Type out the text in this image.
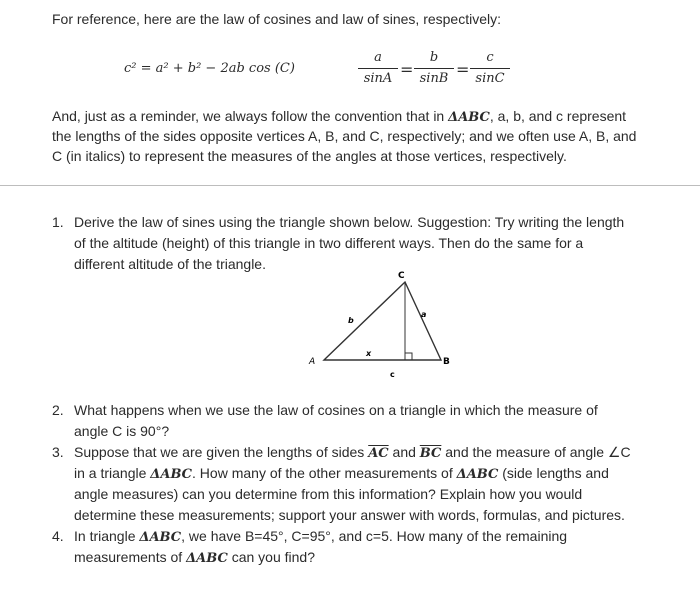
For reference, here are the law of cosines and law of sines, respectively:
c² = a² + b² − 2ab cos (C)
a
sinA =
b
sinB =
c
sinC
And, just as a reminder, we always follow the convention that in ΔABC, a, b, and c represent
the lengths of the sides opposite vertices A, B, and C, respectively; and we often use A, B, and
C (in italics) to represent the measures of the angles at those vertices, respectively.
1. Derive the law of sines using the triangle shown below. Suggestion: Try writing the length
of the altitude (height) of this triangle in two different ways. Then do the same for a
different altitude of the triangle.
C
A	B
b
a
x
c
2. What happens when we use the law of cosines on a triangle in which the measure of
angle C is 90°?
3. Suppose that we are given the lengths of sides $\overline{AC}$ and $\overline{BC}$ and the measure of angle ∠C
in a triangle ΔABC. How many of the other measurements of ΔABC (side lengths and
angle measures) can you determine from this information? Explain how you would
determine these measurements; support your answer with words, formulas, and pictures.
4. In triangle ΔABC, we have B=45°, C=95°, and c=5. How many of the remaining
measurements of ΔABC can you find?
